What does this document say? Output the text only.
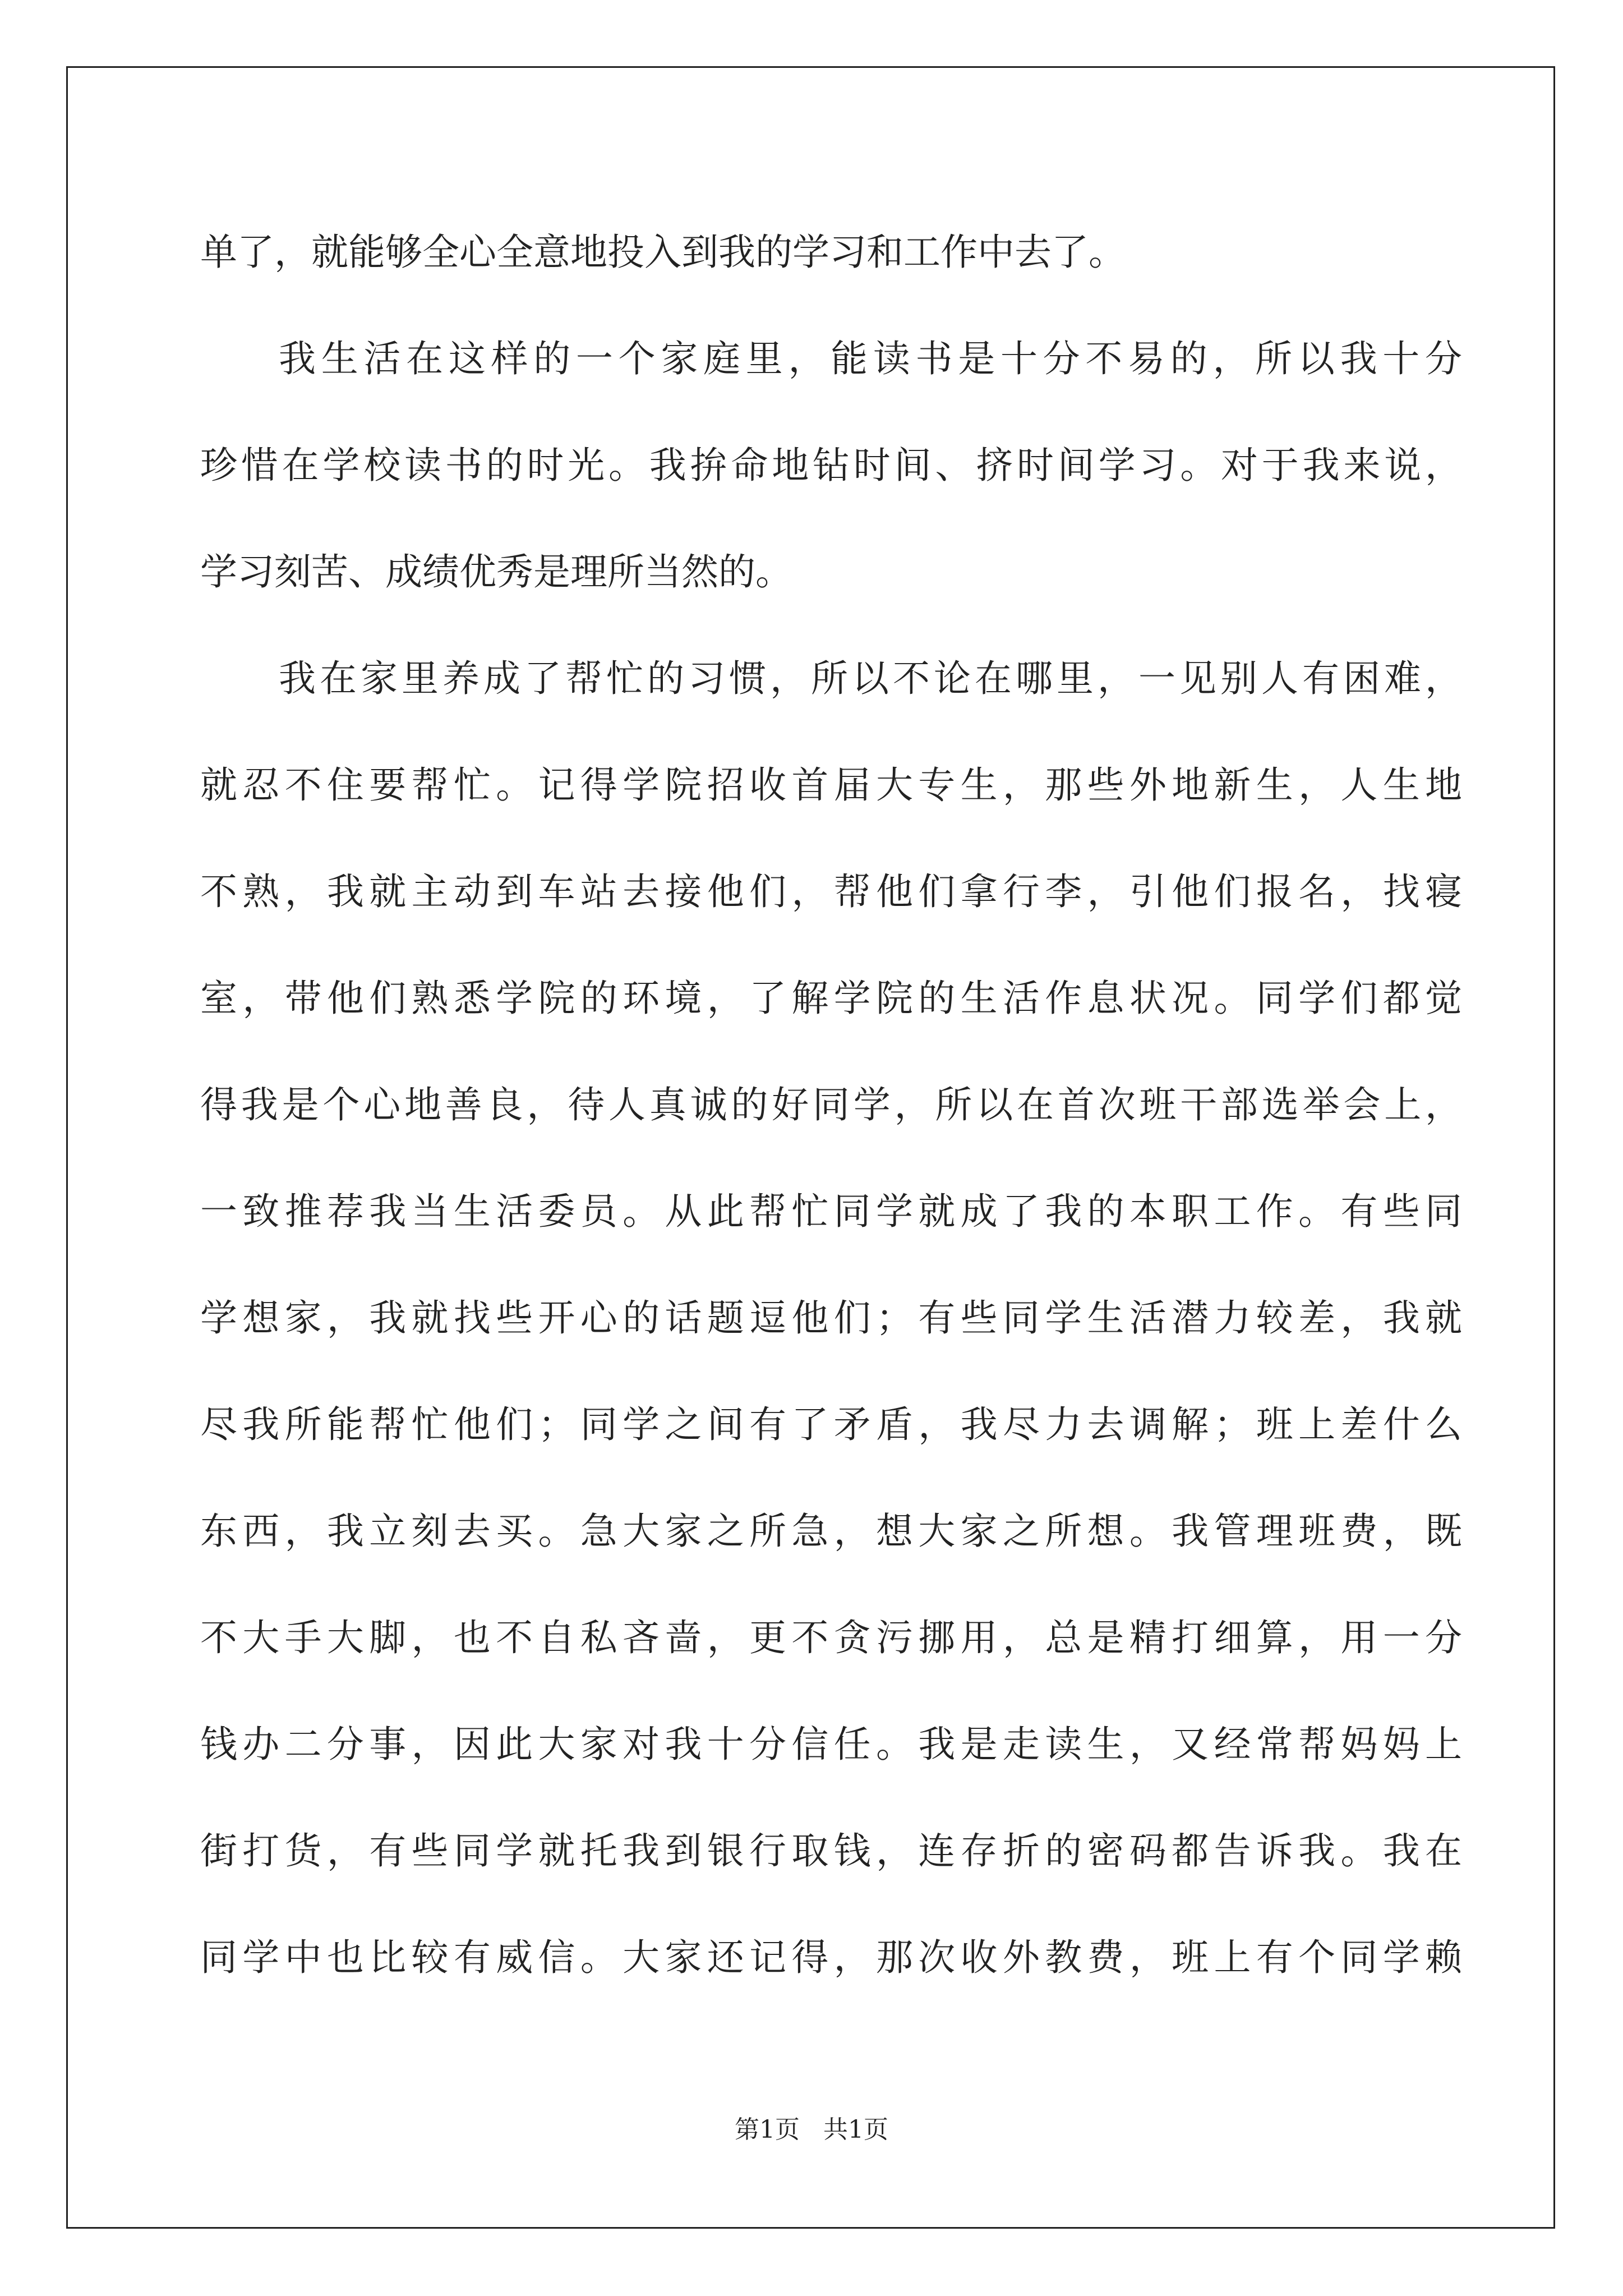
单了，就能够全心全意地投入到我的学习和工作中去了。
我生活在这样的一个家庭里，能读书是十分不易的，所以我十分
珍惜在学校读书的时光。我拚命地钻时间、挤时间学习。对于我来说，
学习刻苦、成绩优秀是理所当然的。
我在家里养成了帮忙的习惯，所以不论在哪里，一见别人有困难，
就忍不住要帮忙。记得学院招收首届大专生，那些外地新生，人生地
不熟，我就主动到车站去接他们，帮他们拿行李，引他们报名，找寝
室，带他们熟悉学院的环境，了解学院的生活作息状况。同学们都觉
得我是个心地善良，待人真诚的好同学，所以在首次班干部选举会上，
一致推荐我当生活委员。从此帮忙同学就成了我的本职工作。有些同
学想家，我就找些开心的话题逗他们；有些同学生活潜力较差，我就
尽我所能帮忙他们；同学之间有了矛盾，我尽力去调解；班上差什么
东西，我立刻去买。急大家之所急，想大家之所想。我管理班费，既
不大手大脚，也不自私吝啬，更不贪污挪用，总是精打细算，用一分
钱办二分事，因此大家对我十分信任。我是走读生，又经常帮妈妈上
街打货，有些同学就托我到银行取钱，连存折的密码都告诉我。我在
同学中也比较有威信。大家还记得，那次收外教费，班上有个同学赖
第1页 共1页
